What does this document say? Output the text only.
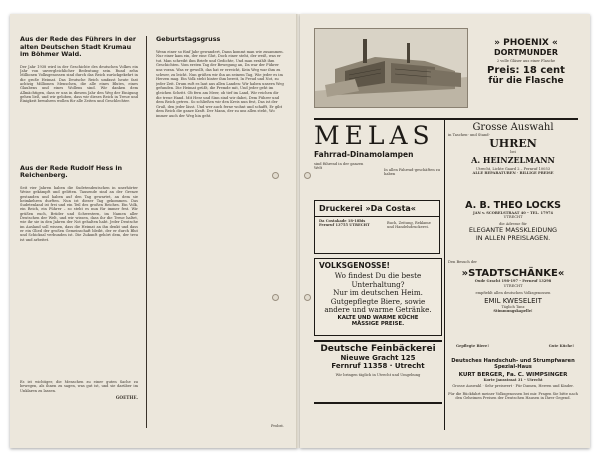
Aus der Rede des Führers in der alten Deutschen Stadt Krumau im Böhmer Wald.
Der Jahr 1938 wird in der Geschichte des deutschen Volkes ein Jahr von unvergleichlicher Bedeutung sein. Rund zehn Millionen Volksgenossen sind durch das Reich zurückgekehrt in die große Heimat. Das Deutsche Reich umfasst heute fast achtzig Millionen Menschen, die alle eines Blutes, eines Glaubens und eines Wollens sind. Wir danken dem Allmächtigen, dass er uns in diesem Jahr den Weg der Einigung gehen ließ, und wir geloben, dass wir dieses Reich in Treue und Einigkeit bewahren wollen für alle Zeiten und Geschlechter.
Aus der Rede Rudolf Hess in Reichenberg.
Seit vier Jahren haben die Sudetendeutschen in unerhörter Weise gekämpft und gelitten. Tausende sind an der Grenze gestanden und haben auf den Tag gewartet, an dem sie heimkehren durften. Nun ist dieser Tag gekommen. Das Sudetenland ist frei und ein Teil des großen Reiches. Ein Volk, ein Reich, ein Führer – so steht es nun für immer fest. Wir grüßen euch, Brüder und Schwestern, im Namen aller Deutschen der Welt, und wir wissen, dass ihr die Treue haltet, wie ihr sie in den Jahren der Not gehalten habt. Jeder Deutsche im Ausland soll wissen, dass die Heimat an ihn denkt und dass er ein Glied der großen Gemeinschaft bleibt, der er durch Blut und Schicksal verbunden ist. Die Zukunft gehört dem, der treu ist und arbeitet.
Es ist wichtiger, die Menschen zu einer guten Sache zu bewegen, als ihnen zu sagen, was gut ist, und sie darüber im Unklaren zu lassen.
GOETHE.
Geburtstagsgruss
Wenn einer so fünf Jahr gewandert, Dann kommt man wie zusammen. Nur einer kam ein, der eine Glut, Doch einer steht, der weiß, was er tut. Man schreibt ihm Briefe und Gedichte, Und man erzählt ihm Geschichten. Vom ersten Tag der Bewegung an, Da war der Führer uns voran. Was er gewollt, das hat er erreicht, Kein Weg war ihm zu schwer, zu leicht. Nun grüßen wir ihn an seinem Tag, Wie jeder es im Herzen mag. Ein Volk steht hinter ihm bereit, In Freud und Not, zu jeder Zeit. Drum ruft es laut aus allen Landen: Wir haben unsern Weg gefunden. Die Heimat grüßt, die Fremde mit, Und jeder geht im gleichen Schritt. Ob fern am Meer, ob tief im Land, Wir reichen dir die treue Hand. Mit Herz und Sinn sind wir dabei, Dem Führer und dem Reich getreu. So schließen wir den Kreis nun fest, Das ist der Gruß, den jeder lässt. Und wer auch ferne wohnt und schafft, Er gibt dem Reich die ganze Kraft. Der Mann, der zu uns allen steht, Wo immer auch der Weg hin geht.
Probst.
» PHOENIX «
DORTMUNDER
2 volle Gläser aus einer Flasche
Preis: 18 cent
für die Flasche
MELAS
Fahrrad-Dinamolampen
sind führend in der ganzen Welt	In allen Fahrrad-geschäften zu haben
Grosse Auswahl
in Taschen- und Stand-
UHREN
bei
A. HEINZELMANN
Utrecht, Lichte Gaard 2 – Fernruf 10053
ALLE REPARATUREN · BILLIGE PREISE
Druckerei »Da Costa«
Da Costakade 18-18bis Fernruf 13755 UTRECHT
Buch, Zeitung, Reklame und Handelsdruckerei.
A. B. THEO LOCKS
JAN v. SCORELSTRAAT 40 – TEL. 17974
UTRECHT
die Adresse für
ELEGANTE MASSKLEIDUNG
IN ALLEN PREISLAGEN.
VOLKSGENOSSE!
Wo findest Du die beste
Unterhaltung?
Nur im deutschen Heim.
Gutgepflegte Biere, sowie
andere und warme Getränke.
KALTE UND WARME KÜCHE
MÄSSIGE PREISE.
Den Besuch der
»STADTSCHÄNKE«
Oude Gracht 198-197 – Fernruf 13298
UTRECHT
empfiehlt allen deutschen Volksgenossen
EMIL KWESELEIT
Täglich Tanz
Stimmungskapelle!
Gepflegte Biere!	Gute Küche!
Deutsche Feinbäckerei
Nieuwe Gracht 125
Fernruf 11358 · Utrecht
Wir bringen täglich in Utrecht und Umgebung
Deutsches Handschuh- und Strumpfwaren
Spezial-Haus
KURT BERGER, Fa. C. WIMPSINGER
Korte Jansstraat 31 – Utrecht
Grosse Auswahl · Sehr preiswert · Für Damen, Herren und Kinder.
Für die Rückfahrt meiner Volksgenossen bei mir. Fragen Sie bitte nach den Geheimen Preisen der Deutschen Hausen in Ihrer Gegend.
